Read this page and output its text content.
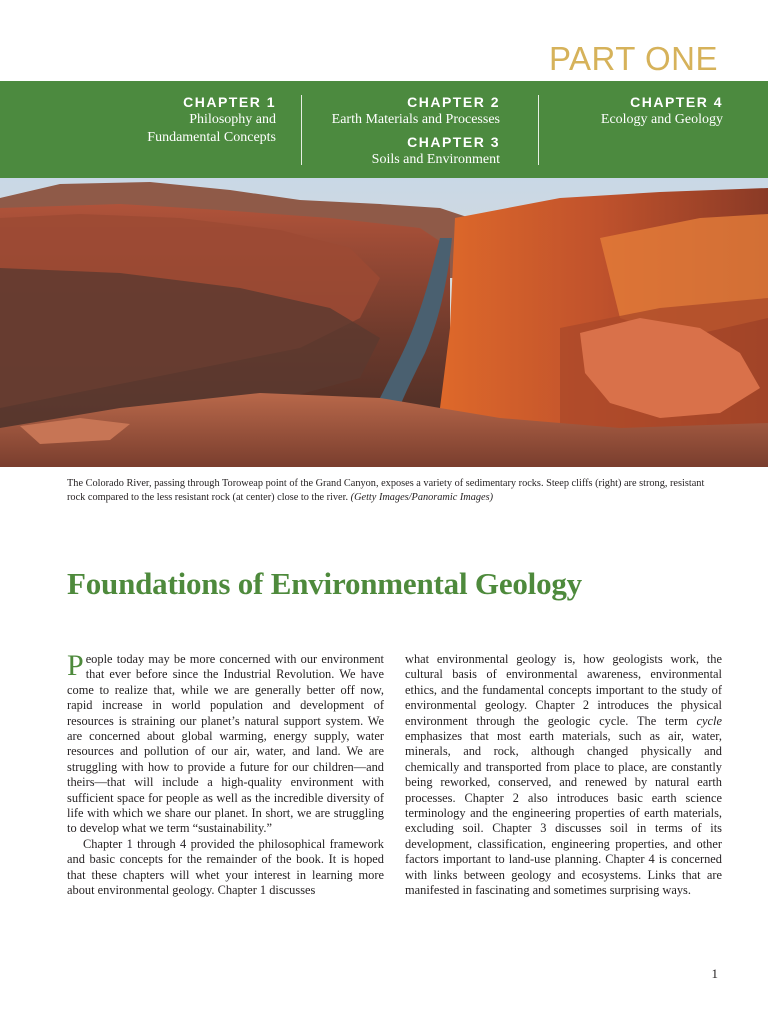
PART ONE
CHAPTER 1
Philosophy and
Fundamental Concepts
CHAPTER 2
Earth Materials and Processes
CHAPTER 3
Soils and Environment
CHAPTER 4
Ecology and Geology

The Colorado River, passing through Toroweap point of the Grand Canyon, exposes a variety of sedimentary rocks. Steep cliffs (right) are strong, resistant rock compared to the less resistant rock (at center) close to the river. (Getty Images/Panoramic Images)

Foundations of Environmental Geology

People today may be more concerned with our environment that ever before since the Industrial Revolution. We have come to realize that, while we are generally better off now, rapid increase in world population and development of resources is straining our planet’s natural support system. We are concerned about global warming, energy supply, water resources and pollution of our air, water, and land. We are struggling with how to provide a future for our children—and theirs—that will include a high-quality environment with sufficient space for people as well as the incredible diversity of life with which we share our planet. In short, we are struggling to develop what we term “sustainability.”

Chapter 1 through 4 provided the philosophical framework and basic concepts for the remainder of the book. It is hoped that these chapters will whet your interest in learning more about environmental geology. Chapter 1 discusses

what environmental geology is, how geologists work, the cultural basis of environmental awareness, environmental ethics, and the fundamental concepts important to the study of environmental geology. Chapter 2 introduces the physical environment through the geologic cycle. The term cycle emphasizes that most earth materials, such as air, water, minerals, and rock, although changed physically and chemically and transported from place to place, are constantly being reworked, conserved, and renewed by natural earth processes. Chapter 2 also introduces basic earth science terminology and the engineering properties of earth materials, excluding soil. Chapter 3 discusses soil in terms of its development, classification, engineering properties, and other factors important to land-use planning. Chapter 4 is concerned with links between geology and ecosystems. Links that are manifested in fascinating and sometimes surprising ways.

1
